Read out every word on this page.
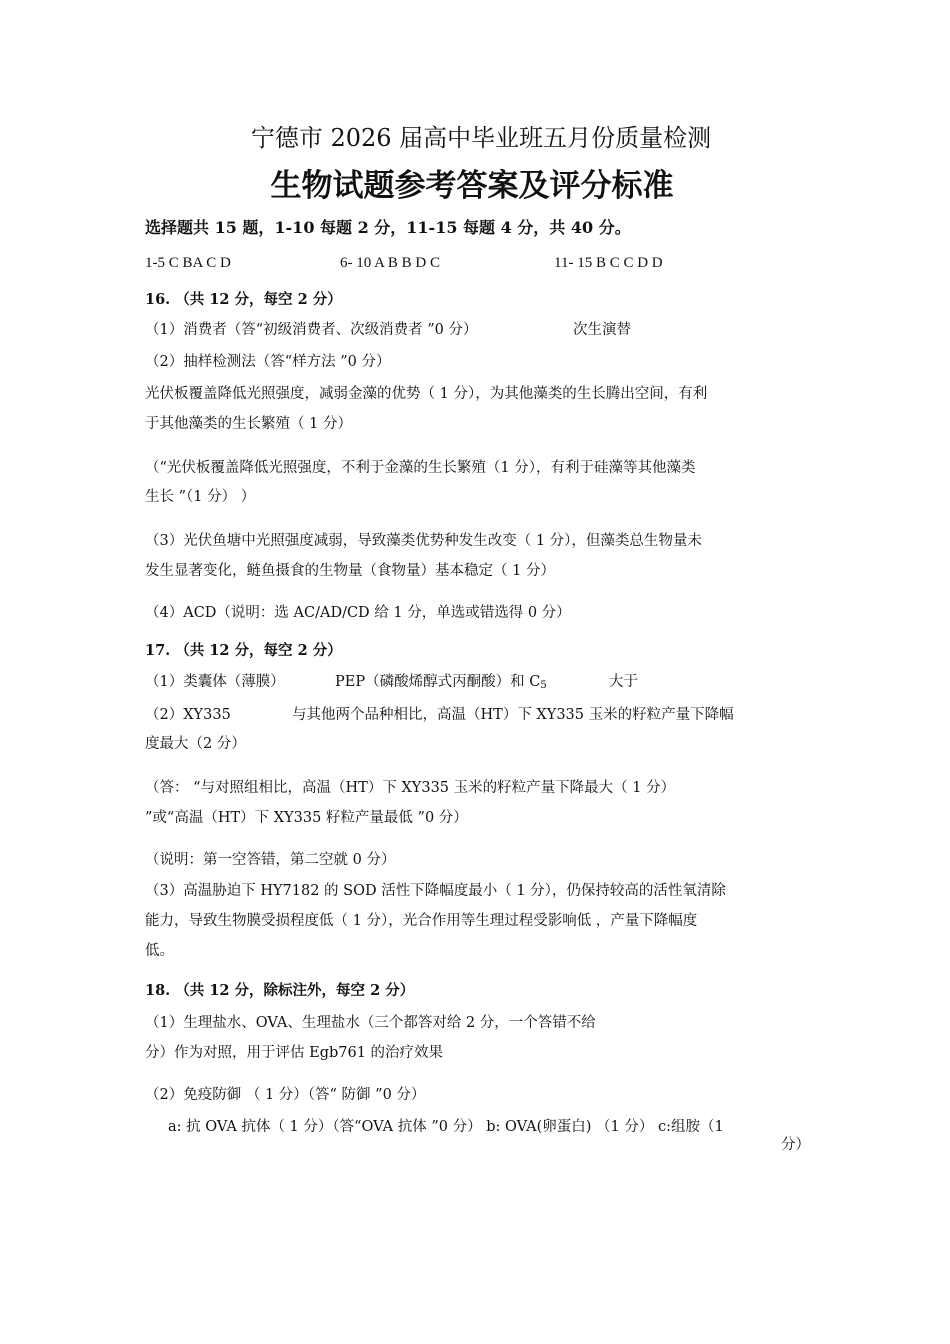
宁德市 2026 届高中毕业班五月份质量检测
生物试题参考答案及评分标准
选择题共 15 题，1-10 每题 2 分，11-15 每题 4 分，共 40 分。
1-5 C BA C D	6- 10 A B B D C	11- 15 B C C D D
16. （共 12 分，每空 2 分）
（1）消费者（答“初级消费者、次级消费者 ”0 分）	次生演替
（2）抽样检测法（答“样方法 ”0 分）
光伏板覆盖降低光照强度，减弱金藻的优势（ 1 分），为其他藻类的生长腾出空间，有利
于其他藻类的生长繁殖（ 1 分）
（“光伏板覆盖降低光照强度，不利于金藻的生长繁殖（1 分），有利于硅藻等其他藻类
生长 ”（1 分） ）
（3）光伏鱼塘中光照强度减弱，导致藻类优势种发生改变（ 1 分），但藻类总生物量未
发生显著变化，鲢鱼摄食的生物量（食物量）基本稳定（ 1 分）
（4）ACD（说明：选 AC/AD/CD 给 1 分，单选或错选得 0 分）
17. （共 12 分，每空 2 分）
（1）类囊体（薄膜）	PEP（磷酸烯醇式丙酮酸）和 $C_5$	大于
（2）XY335	与其他两个品种相比，高温（HT）下 XY335 玉米的籽粒产量下降幅
度最大（2 分）
（答： “与对照组相比，高温（HT）下 XY335 玉米的籽粒产量下降最大（ 1 分）
”或“高温（HT）下 XY335 籽粒产量最低 ”0 分）
（说明：第一空答错，第二空就 0 分）
（3）高温胁迫下 HY7182 的 SOD 活性下降幅度最小（ 1 分），仍保持较高的活性氧清除
能力，导致生物膜受损程度低（ 1 分），光合作用等生理过程受影响低 ，产量下降幅度
低。
18. （共 12 分，除标注外，每空 2 分）
（1）生理盐水、OVA、生理盐水（三个都答对给 2 分，一个答错不给
分）作为对照，用于评估 Egb761 的治疗效果
（2）免疫防御 （ 1 分）（答“ 防御 ”0 分）
a: 抗 OVA 抗体（ 1 分）（答“OVA 抗体 ”0 分） b: OVA(卵蛋白) （1 分） c:组胺（1
分）
